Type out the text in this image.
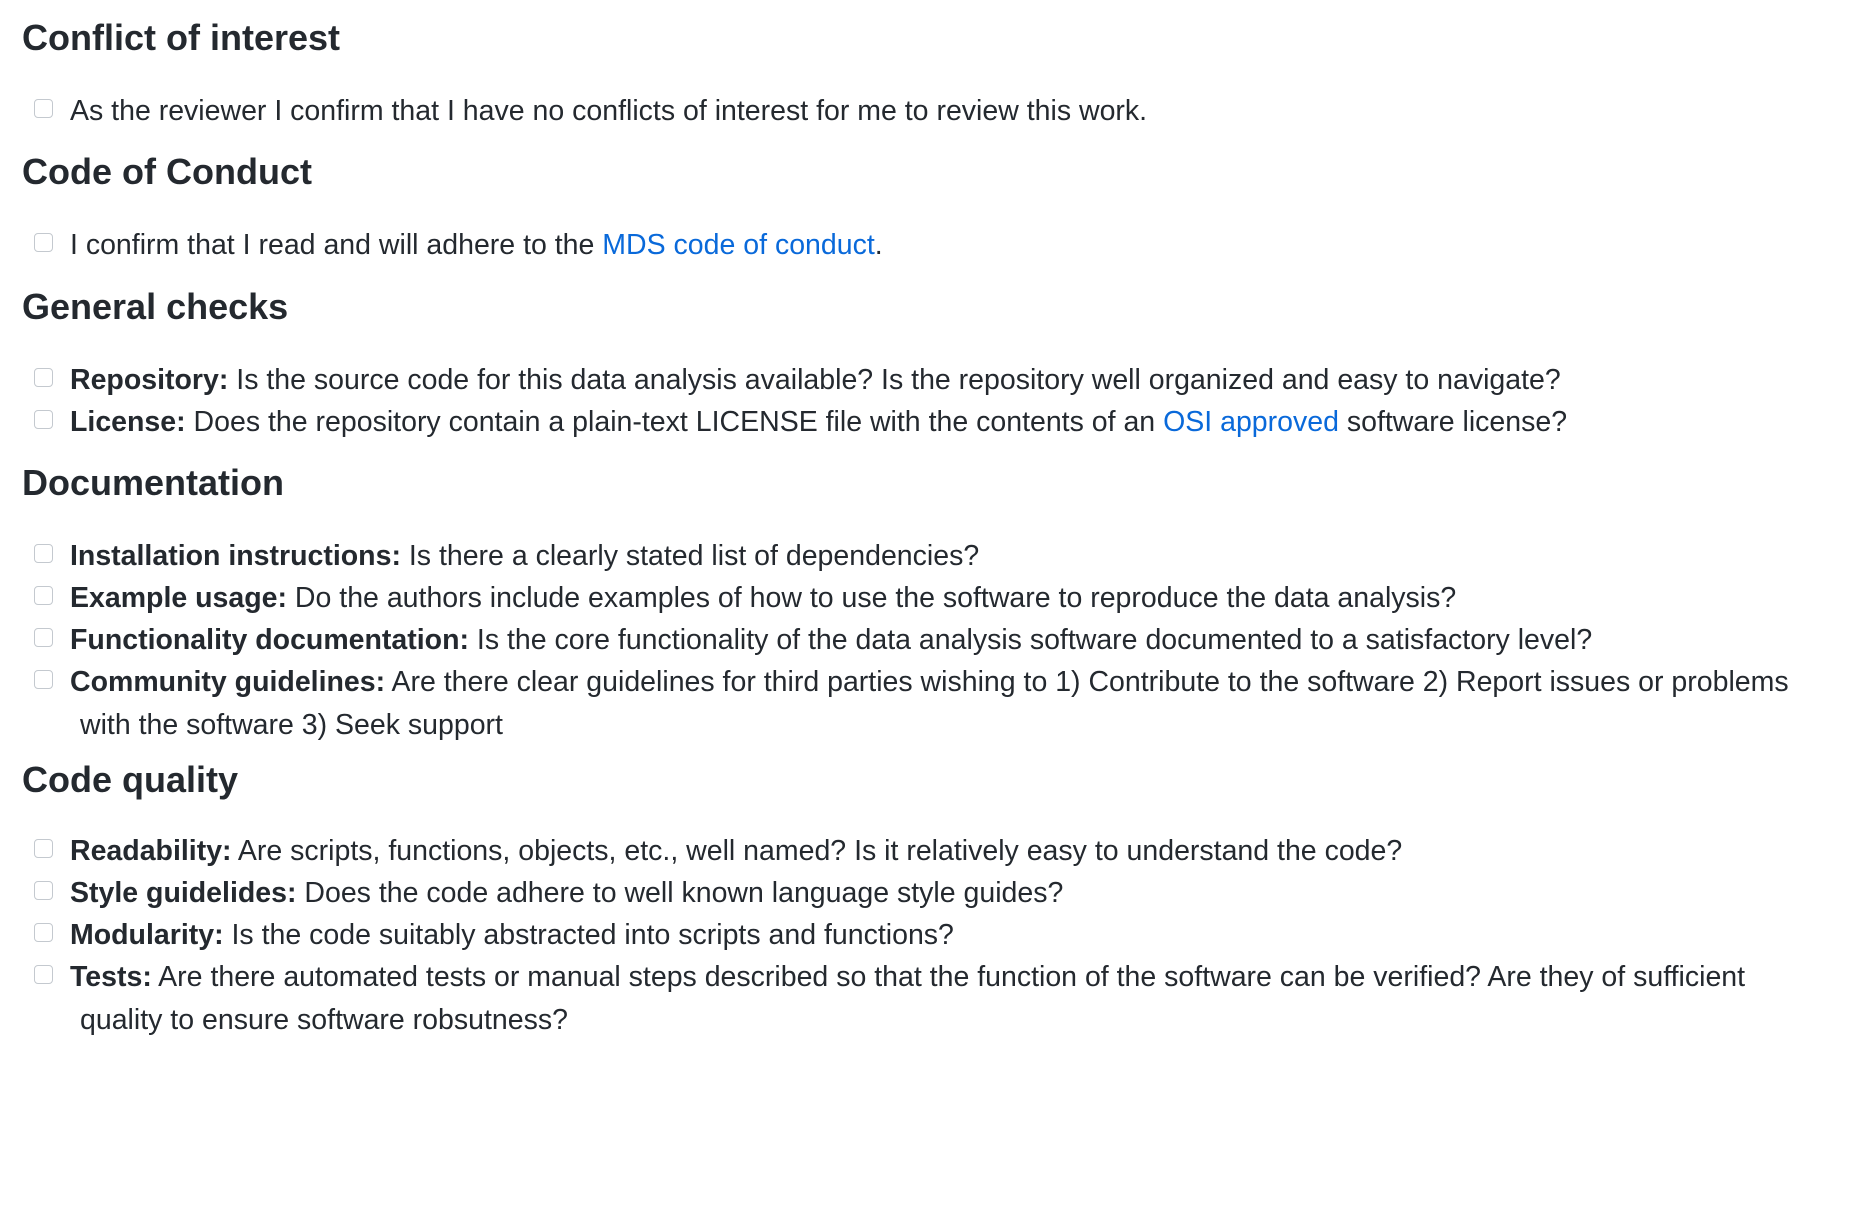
Conflict of interest
As the reviewer I confirm that I have no conflicts of interest for me to review this work.
Code of Conduct
I confirm that I read and will adhere to the MDS code of conduct.
General checks
Repository: Is the source code for this data analysis available? Is the repository well organized and easy to navigate?
License: Does the repository contain a plain-text LICENSE file with the contents of an OSI approved software license?
Documentation
Installation instructions: Is there a clearly stated list of dependencies?
Example usage: Do the authors include examples of how to use the software to reproduce the data analysis?
Functionality documentation: Is the core functionality of the data analysis software documented to a satisfactory level?
Community guidelines: Are there clear guidelines for third parties wishing to 1) Contribute to the software 2) Report issues or problems
with the software 3) Seek support
Code quality
Readability: Are scripts, functions, objects, etc., well named? Is it relatively easy to understand the code?
Style guidelides: Does the code adhere to well known language style guides?
Modularity: Is the code suitably abstracted into scripts and functions?
Tests: Are there automated tests or manual steps described so that the function of the software can be verified? Are they of sufficient
quality to ensure software robsutness?
